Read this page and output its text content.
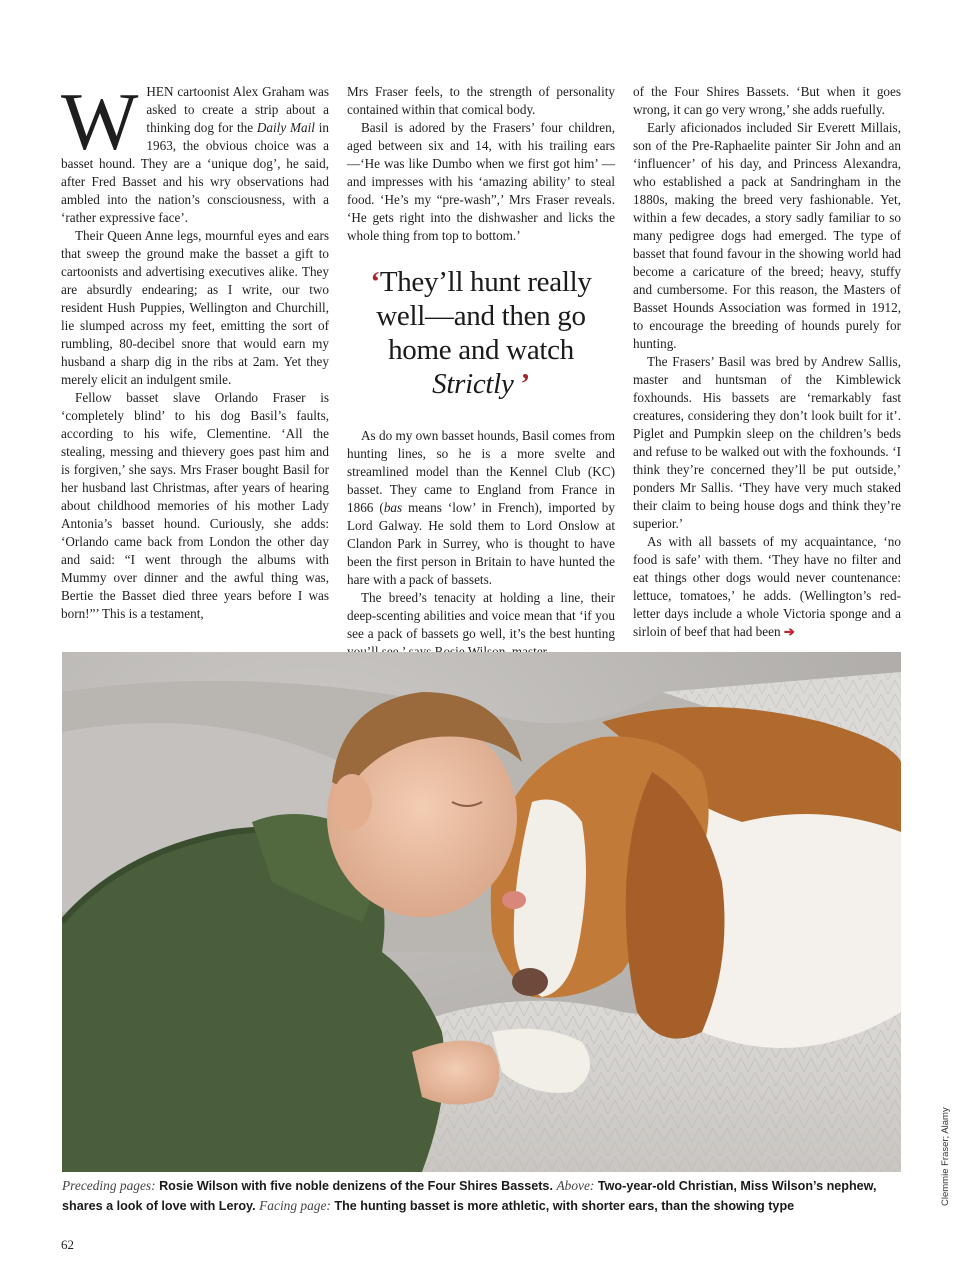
WHEN cartoonist Alex Graham was asked to create a strip about a thinking dog for the Daily Mail in 1963, the obvious choice was a basset hound. They are a ‘unique dog’, he said, after Fred Basset and his wry observations had ambled into the nation’s consciousness, with a ‘rather expressive face’.

Their Queen Anne legs, mournful eyes and ears that sweep the ground make the basset a gift to cartoonists and advertising executives alike. They are absurdly endearing; as I write, our two resident Hush Puppies, Wellington and Churchill, lie slumped across my feet, emitting the sort of rumbling, 80-decibel snore that would earn my husband a sharp dig in the ribs at 2am. Yet they merely elicit an indulgent smile.

Fellow basset slave Orlando Fraser is ‘completely blind’ to his dog Basil’s faults, according to his wife, Clementine. ‘All the stealing, messing and thievery goes past him and is forgiven,’ she says. Mrs Fraser bought Basil for her husband last Christmas, after years of hearing about childhood memories of his mother Lady Antonia’s basset hound. Curiously, she adds: ‘Orlando came back from London the other day and said: “I went through the albums with Mummy over dinner and the awful thing was, Bertie the Basset died three years before I was born!”’ This is a testament,

Mrs Fraser feels, to the strength of personality contained within that comical body.

Basil is adored by the Frasers’ four children, aged between six and 14, with his trailing ears —‘He was like Dumbo when we first got him’ —and impresses with his ‘amazing ability’ to steal food. ‘He’s my “pre-wash”,’ Mrs Fraser reveals. ‘He gets right into the dishwasher and licks the whole thing from top to bottom.’

‘They’ll hunt really well—and then go home and watch Strictly ’

As do my own basset hounds, Basil comes from hunting lines, so he is a more svelte and streamlined model than the Kennel Club (KC) basset. They came to England from France in 1866 (bas means ‘low’ in French), imported by Lord Galway. He sold them to Lord Onslow at Clandon Park in Surrey, who is thought to have been the first person in Britain to have hunted the hare with a pack of bassets.

The breed’s tenacity at holding a line, their deep-scenting abilities and voice mean that ‘if you see a pack of bassets go well, it’s the best hunting

of the Four Shires Bassets. ‘But when it goes wrong, it can go very wrong,’ she adds ruefully.

Early aficionados included Sir Everett Millais, son of the Pre-Raphaelite painter Sir John and an ‘influencer’ of his day, and Princess Alexandra, who established a pack at Sandringham in the 1880s, making the breed very fashionable. Yet, within a few decades, a story sadly familiar to so many pedigree dogs had emerged. The type of basset that found favour in the showing world had become a caricature of the breed; heavy, stuffy and cumbersome. For this reason, the Masters of Basset Hounds Association was formed in 1912, to encourage the breeding of hounds purely for hunting.

The Frasers’ Basil was bred by Andrew Sallis, master and huntsman of the Kimblewick foxhounds. His bassets are ‘remarkably fast creatures, considering they don’t look built for it’. Piglet and Pumpkin sleep on the children’s beds and refuse to be walked out with the foxhounds. ‘I think they’re concerned they’ll be put outside,’ ponders Mr Sallis. ‘They have very much staked their claim to being house dogs and think they’re superior.’

As with all bassets of my acquaintance, ‘no food is safe’ with them. ‘They have no filter and eat things other dogs would never countenance: lettuce, tomatoes,’ he adds. (Wellington’s red-letter days include a whole Victoria sponge and a sirloin of beef that had been ➔

Preceding pages: Rosie Wilson with five noble denizens of the Four Shires Bassets. Above: Two-year-old Christian, Miss Wilson’s nephew, shares a look of love with Leroy. Facing page: The hunting basset is more athletic, with shorter ears, than the showing type	Clemmie Fraser; Alamy
62
